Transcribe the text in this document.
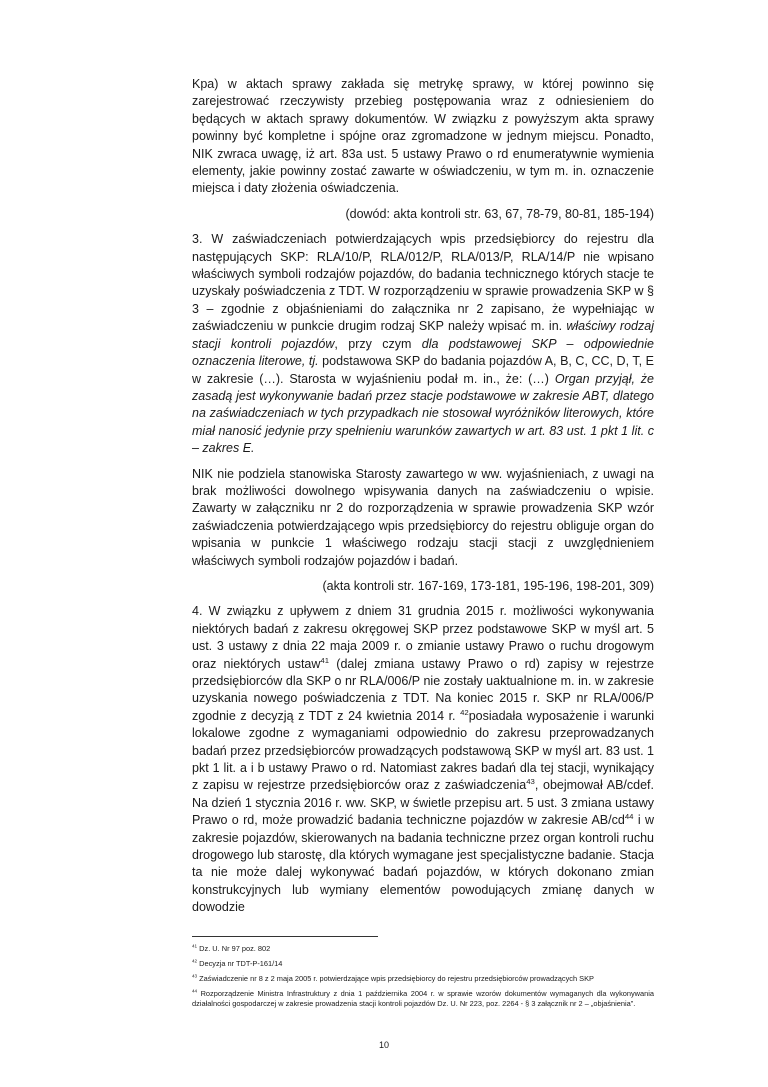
Kpa) w aktach sprawy zakłada się metrykę sprawy, w której powinno się zarejestrować rzeczywisty przebieg postępowania wraz z odniesieniem do będących w aktach sprawy dokumentów. W związku z powyższym akta sprawy powinny być kompletne i spójne oraz zgromadzone w jednym miejscu. Ponadto, NIK zwraca uwagę, iż art. 83a ust. 5 ustawy Prawo o rd enumeratywnie wymienia elementy, jakie powinny zostać zawarte w oświadczeniu, w tym m. in. oznaczenie miejsca i daty złożenia oświadczenia.

(dowód: akta kontroli str. 63, 67, 78-79, 80-81, 185-194)

3. W zaświadczeniach potwierdzających wpis przedsiębiorcy do rejestru dla następujących SKP: RLA/10/P, RLA/012/P, RLA/013/P, RLA/14/P nie wpisano właściwych symboli rodzajów pojazdów, do badania technicznego których stacje te uzyskały poświadczenia z TDT. W rozporządzeniu w sprawie prowadzenia SKP w § 3 – zgodnie z objaśnieniami do załącznika nr 2 zapisano, że wypełniając w zaświadczeniu w punkcie drugim rodzaj SKP należy wpisać m. in. właściwy rodzaj stacji kontroli pojazdów, przy czym dla podstawowej SKP – odpowiednie oznaczenia literowe, tj. podstawowa SKP do badania pojazdów A, B, C, CC, D, T, E w zakresie (…). Starosta w wyjaśnieniu podał m. in., że: (…) Organ przyjął, że zasadą jest wykonywanie badań przez stacje podstawowe w zakresie ABT, dlatego na zaświadczeniach w tych przypadkach nie stosował wyróżników literowych, które miał nanosić jedynie przy spełnieniu warunków zawartych w art. 83 ust. 1 pkt 1 lit. c – zakres E.

NIK nie podziela stanowiska Starosty zawartego w ww. wyjaśnieniach, z uwagi na brak możliwości dowolnego wpisywania danych na zaświadczeniu o wpisie. Zawarty w załączniku nr 2 do rozporządzenia w sprawie prowadzenia SKP wzór zaświadczenia potwierdzającego wpis przedsiębiorcy do rejestru obliguje organ do wpisania w punkcie 1 właściwego rodzaju stacji stacji z uwzględnieniem właściwych symboli rodzajów pojazdów i badań.

(akta kontroli str. 167-169, 173-181, 195-196, 198-201, 309)

4. W związku z upływem z dniem 31 grudnia 2015 r. możliwości wykonywania niektórych badań z zakresu okręgowej SKP przez podstawowe SKP w myśl art. 5 ust. 3 ustawy z dnia 22 maja 2009 r. o zmianie ustawy Prawo o ruchu drogowym oraz niektórych ustaw$^{41}$ (dalej zmiana ustawy Prawo o rd) zapisy w rejestrze przedsiębiorców dla SKP o nr RLA/006/P nie zostały uaktualnione m. in. w zakresie uzyskania nowego poświadczenia z TDT. Na koniec 2015 r. SKP nr RLA/006/P zgodnie z decyzją z TDT z 24 kwietnia 2014 r. $^{42}$posiadała wyposażenie i warunki lokalowe zgodne z wymaganiami odpowiednio do zakresu przeprowadzanych badań przez przedsiębiorców prowadzących podstawową SKP w myśl art. 83 ust. 1 pkt 1 lit. a i b ustawy Prawo o rd. Natomiast zakres badań dla tej stacji, wynikający z zapisu w rejestrze przedsiębiorców oraz z zaświadczenia$^{43}$, obejmował AB/cdef. Na dzień 1 stycznia 2016 r. ww. SKP, w świetle przepisu art. 5 ust. 3 zmiana ustawy Prawo o rd, może prowadzić badania techniczne pojazdów w zakresie $AB/cd^{44}$ i w zakresie pojazdów, skierowanych na badania techniczne przez organ kontroli ruchu drogowego lub starostę, dla których wymagane jest specjalistyczne badanie. Stacja ta nie może dalej wykonywać badań pojazdów, w których dokonano zmian konstrukcyjnych lub wymiany elementów powodujących zmianę danych w dowodzie

$^{41}$ Dz. U. Nr 97 poz. 802

$^{42}$ Decyzja nr TDT-P-161/14

$^{43}$ Zaświadczenie nr 8 z 2 maja 2005 r. potwierdzające wpis przedsiębiorcy do rejestru przedsiębiorców prowadzących SKP

$^{44}$ Rozporządzenie Ministra Infrastruktury z dnia 1 października 2004 r. w sprawie wzorów dokumentów wymaganych dla wykonywania działalności gospodarczej w zakresie prowadzenia stacji kontroli pojazdów Dz. U. Nr 223, poz. 2264 - § 3 załącznik nr 2 – „objaśnienia”.

10
